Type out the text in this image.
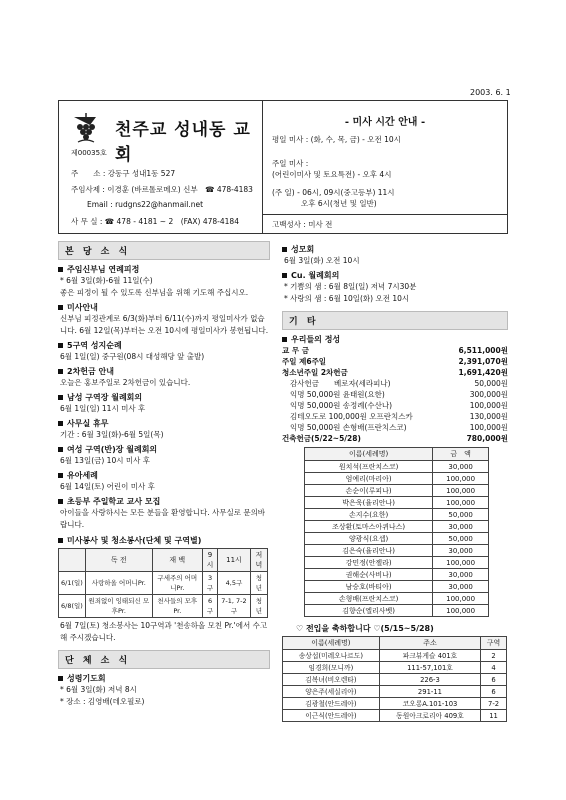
2003. 6. 1
천주교 성내동 교회
제00035호
주　　소 : 강동구 성내1동 527
주임사제 : 이경훈 (바르톨로메오) 신부　☎ 478-4183
Email : rudgns22@hanmail.net
사 무 실 : ☎ 478 - 4181 ~ 2　(FAX) 478-4184
- 미사 시간 안내 -
평일 미사 : (화, 수, 목, 금) - 오전 10시
주일 미사 :
(어린이미사 및 토요특전) - 오후 4시
(주 일) - 06시, 09시(중고등부) 11시
오후 6시(청년 및 일반)
고백성사 : 미사 전
본 당 소 식
주임신부님 연례피정
* 6월 3일(화)-6월 11일(수)
좋은 피정이 될 수 있도록 신부님을 위해 기도해 주십시오.
미사안내
신부님 피정관계로 6/3(화)부터 6/11(수)까지 평일미사가 없습니다. 6월 12일(목)부터는 오전 10시에 평일미사가 봉헌됩니다.
5구역 성지순례
6월 1일(일) 중구원(08시 대성해당 앞 출발)
2차헌금 안내
오늘은 홍보주일로 2차헌금이 있습니다.
남성 구역장 월례회의
6월 1일(일) 11시 미사 후
사무실 휴무
기간 : 6월 3일(화)-6월 5일(목)
여성 구역(반)장 월례회의
6월 13일(금) 10시 미사 후
유아세례
6월 14일(토) 어린이 미사 후
초등부 주일학교 교사 모집
아이들을 사랑하시는 모든 분들을 환영합니다. 사무실로 문의바랍니다.
미사봉사 및 청소봉사(단체 및 구역별)
	독 전	재 백	9시	11시	저녁
6/1(일)	사랑하올 어머니Pr.	구세주의 어머니Pr.	3구	4,5구	청년
6/8(일)	원죄없이 잉태되신 모후Pr.	천사들의 모후Pr.	6구	7-1, 7-2구	청년
6월 7일(토) 청소봉사는 10구역과 '천송하올 모친 Pr.'에서 수고해 주시겠습니다.
단 체 소 식
성령기도회
* 6월 3일(화) 저녁 8시
* 장소 : 김영배(데오필로)
성모회
6월 3일(화) 오전 10시
Cu. 월례회의
* 기쁨의 샘 : 6월 8일(일) 저녁 7시30분
* 사랑의 샘 : 6월 10일(화) 오전 10시
기 타
우리들의 정성
교 무 금	6,511,000원
주일 제6주일	2,391,070원
청소년주일 2차헌금	1,691,420원
감사헌금　　베로자(세라피나)	50,000원
익명 50,000원 윤태원(요한)	300,000원
익명 50,000원 송정례(수산나)	100,000원
김테오도로 100,000원 오프란치스카	130,000원
익명 50,000원 손형배(프란치스코)	100,000원
건축헌금(5/22~5/28)	780,000원
이름(세례명)	금　액
원치석(프란치스코)	30,000
엄예리(마리아)	100,000
손순이(루피나)	100,000
박은욱(율리안나)	100,000
손지수(요한)	50,000
조상환(토마스아퀴나스)	30,000
양광식(요셉)	50,000
김은숙(율리안나)	30,000
강민정(안젤라)	100,000
권해순(사비나)	30,000
남승호(바티아)	30,000
손형배(프란치스코)	100,000
김향순(엘리사벳)	100,000
♡ 전입을 축하합니다 ♡(5/15~5/28)
이름(세례명)	주소	구역
송상섭(미레오나르도)	파크뷰게슬 401호	2
임경희(모니까)	111-57,101호	4
김복녀(비오렌타)	226-3	6
양은주(세실리아)	291-11	6
김광철(안드레아)	코오롱A.101-103	7-2
이근식(안드레아)	동원아크로리아 409호	11
